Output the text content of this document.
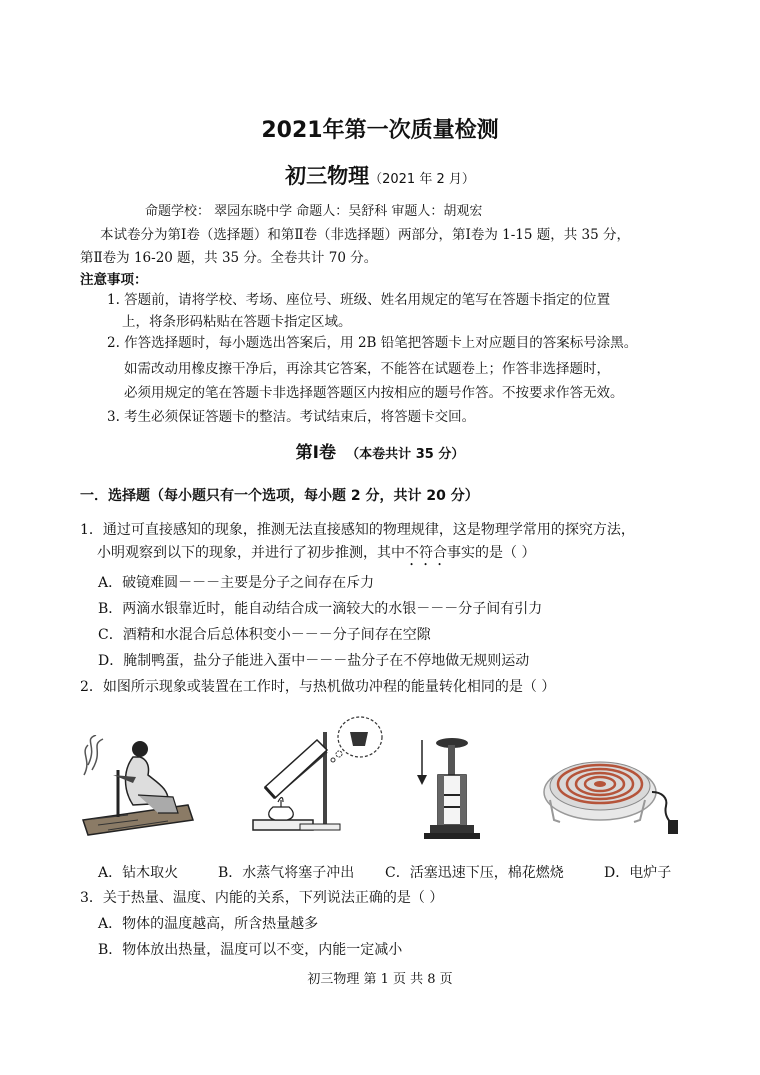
2021年第一次质量检测
初三物理（2021 年 2 月）
命题学校： 翠园东晓中学 命题人：吴舒科 审题人：胡观宏
本试卷分为第Ⅰ卷（选择题）和第Ⅱ卷（非选择题）两部分，第Ⅰ卷为 1-15 题，共 35 分，
第Ⅱ卷为 16-20 题，共 35 分。全卷共计 70 分。
注意事项：
1. 答题前，请将学校、考场、座位号、班级、姓名用规定的笔写在答题卡指定的位置
上，将条形码粘贴在答题卡指定区域。
2. 作答选择题时，每小题选出答案后，用 2B 铅笔把答题卡上对应题目的答案标号涂黑。
如需改动用橡皮擦干净后，再涂其它答案，不能答在试题卷上；作答非选择题时，
必须用规定的笔在答题卡非选择题答题区内按相应的题号作答。不按要求作答无效。
3. 考生必须保证答题卡的整洁。考试结束后，将答题卡交回。
第Ⅰ卷 （本卷共计 35 分）
一．选择题（每小题只有一个选项，每小题 2 分，共计 20 分）
1．通过可直接感知的现象，推测无法直接感知的物理规律，这是物理学常用的探究方法，
小明观察到以下的现象，并进行了初步推测，其中不符合事实的是（ ）
A．破镜难圆－－－主要是分子之间存在斥力
B．两滴水银靠近时，能自动结合成一滴较大的水银－－－分子间有引力
C．酒精和水混合后总体积变小－－－分子间存在空隙
D．腌制鸭蛋，盐分子能进入蛋中－－－盐分子在不停地做无规则运动
2．如图所示现象或装置在工作时，与热机做功冲程的能量转化相同的是（ ）
A．钻木取火	B．水蒸气将塞子冲出 C．活塞迅速下压，棉花燃烧	D．电炉子
3．关于热量、温度、内能的关系，下列说法正确的是（ ）
A．物体的温度越高，所含热量越多
B．物体放出热量，温度可以不变，内能一定减小
初三物理 第 1 页 共 8 页
